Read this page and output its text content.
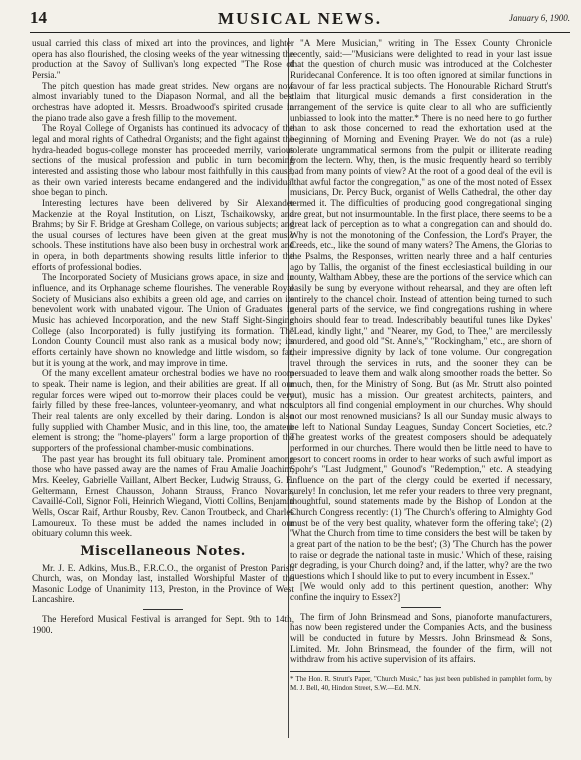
14	MUSICAL NEWS.	January 6, 1900.

usual carried this class of mixed art into the provinces, and lighter opera has also flourished, the closing weeks of the year witnessing the production at the Savoy of Sullivan's long expected "The Rose of Persia."

The pitch question has made great strides. New organs are now almost invariably tuned to the Diapason Normal, and all the best orchestras have adopted it. Messrs. Broadwood's spirited crusade in the piano trade also gave a fresh fillip to the movement.

The Royal College of Organists has continued its advocacy of the legal and moral rights of Cathedral Organists; and the fight against the hydra-headed bogus-college monster has proceeded merrily, various sections of the musical profession and public in turn becoming interested and assisting those who labour most faithfully in this cause, as their own varied interests became endangered and the individual shoe began to pinch.

Interesting lectures have been delivered by Sir Alexander Mackenzie at the Royal Institution, on Liszt, Tschaikowsky, and Brahms; by Sir F. Bridge at Gresham College, on various subjects; and the usual courses of lectures have been given at the great music schools. These institutions have also been busy in orchestral work and in opera, in both departments showing results little inferior to the efforts of professional bodies.

The Incorporated Society of Musicians grows apace, in size and in influence, and its Orphanage scheme flourishes. The venerable Royal Society of Musicians also exhibits a green old age, and carries on its benevolent work with unabated vigour. The Union of Graduates in Music has achieved Incorporation, and the new Staff Sight-Singing College (also Incorporated) is fully justifying its formation. The London County Council must also rank as a musical body now; its efforts certainly have shown no knowledge and little wisdom, so far, but it is young at the work, and may improve in time.

Of the many excellent amateur orchestral bodies we have no room to speak. Their name is legion, and their abilities are great. If all our regular forces were wiped out to-morrow their places could be very fairly filled by these free-lances, volunteer-yeomanry, and what not. Their real talents are only excelled by their daring. London is also fully supplied with Chamber Music, and in this line, too, the amateur element is strong; the "home-players" form a large proportion of the supporters of the professional chamber-music combinations.

The past year has brought its full obituary tale. Prominent among those who have passed away are the names of Frau Amalie Joachim, Mrs. Keeley, Gabrielle Vaillant, Albert Becker, Ludwig Strauss, G. E. Geltermann, Ernest Chausson, Johann Strauss, Franco Novara, Cavaillé-Coll, Signor Foli, Heinrich Wiegand, Viotti Collins, Benjamin Wells, Oscar Raif, Arthur Rousby, Rev. Canon Troutbeck, and Charles Lamoureux. To these must be added the names included in our obituary column this week.

Miscellaneous Notes.

Mr. J. E. Adkins, Mus.B., F.R.C.O., the organist of Preston Parish Church, was, on Monday last, installed Worshipful Master of the Masonic Lodge of Unanimity 113, Preston, in the Province of West Lancashire.

The Hereford Musical Festival is arranged for Sept. 9th to 14th, 1900.

"A Mere Musician," writing in The Essex County Chronicle recently, said:—"Musicians were delighted to read in your last issue that the question of church music was introduced at the Colchester Ruridecanal Conference. It is too often ignored at similar functions in favour of far less practical subjects. The Honourable Richard Strutt's claim that liturgical music demands a first consideration in the arrangement of the service is quite clear to all who are sufficiently unbiassed to look into the matter.* There is no need here to go further than to ask those concerned to read the exhortation used at the beginning of Morning and Evening Prayer. We do not (as a rule) tolerate ungrammatical sermons from the pulpit or illiterate reading from the lectern. Why, then, is the music frequently heard so terribly bad from many points of view? At the root of a good deal of the evil is "that awful factor the congregation," as one of the most noted of Essex musicians, Dr. Percy Buck, organist of Wells Cathedral, the other day termed it. The difficulties of producing good congregational singing are great, but not insurmountable. In the first place, there seems to be a great lack of perception as to what a congregation can and should do. Why is not the monotoning of the Confession, the Lord's Prayer, the Creeds, etc., like the sound of many waters? The Amens, the Glorias to the Psalms, the Responses, written nearly three and a half centuries ago by Tallis, the organist of the finest ecclesiastical building in our county, Waltham Abbey, these are the portions of the service which can easily be sung by everyone without rehearsal, and they are often left entirely to the chancel choir. Instead of attention being turned to such general parts of the service, we find congregations rushing in where choirs should fear to tread. Indescribably beautiful tunes like Dykes' "Lead, kindly light," and "Nearer, my God, to Thee," are mercilessly murdered, and good old "St. Anne's," "Rockingham," etc., are shorn of their impressive dignity by lack of tone volume. Our congregation travel through the services in ruts, and the sooner they can be persuaded to leave them and walk along smoother roads the better. So much, then, for the Ministry of Song. But (as Mr. Strutt also pointed out), music has a mission. Our greatest architects, painters, and sculptors all find congenial employment in our churches. Why should not our most renowned musicians? Is all our Sunday music always to be left to National Sunday Leagues, Sunday Concert Societies, etc.? The greatest works of the greatest composers should be adequately performed in our churches. There would then be little need to have to resort to concert rooms in order to hear works of such awful import as Spohr's "Last Judgment," Gounod's "Redemption," etc. A steadying influence on the part of the clergy could be exerted if necessary, surely! In conclusion, let me refer your readers to three very pregnant, thoughtful, sound statements made by the Bishop of London at the Church Congress recently: (1) 'The Church's offering to Almighty God must be of the very best quality, whatever form the offering take'; (2) 'What the Church from time to time considers the best will be taken by a great part of the nation to be the best'; (3) 'The Church has the power to raise or degrade the national taste in music.' Which of these, raising or degrading, is your Church doing? and, if the latter, why? are the two questions which I should like to put to every incumbent in Essex."

[We would only add to this pertinent question, another: Why confine the inquiry to Essex?]

The firm of John Brinsmead and Sons, pianoforte manufacturers, has now been registered under the Companies Acts, and the business will be conducted in future by Messrs. John Brinsmead & Sons, Limited. Mr. John Brinsmead, the founder of the firm, will not withdraw from his active supervision of its affairs.

* The Hon. R. Strutt's Paper, "Church Music," has just been published in pamphlet form, by M. J. Bell, 40, Hindon Street, S.W.—Ed. M.N.
